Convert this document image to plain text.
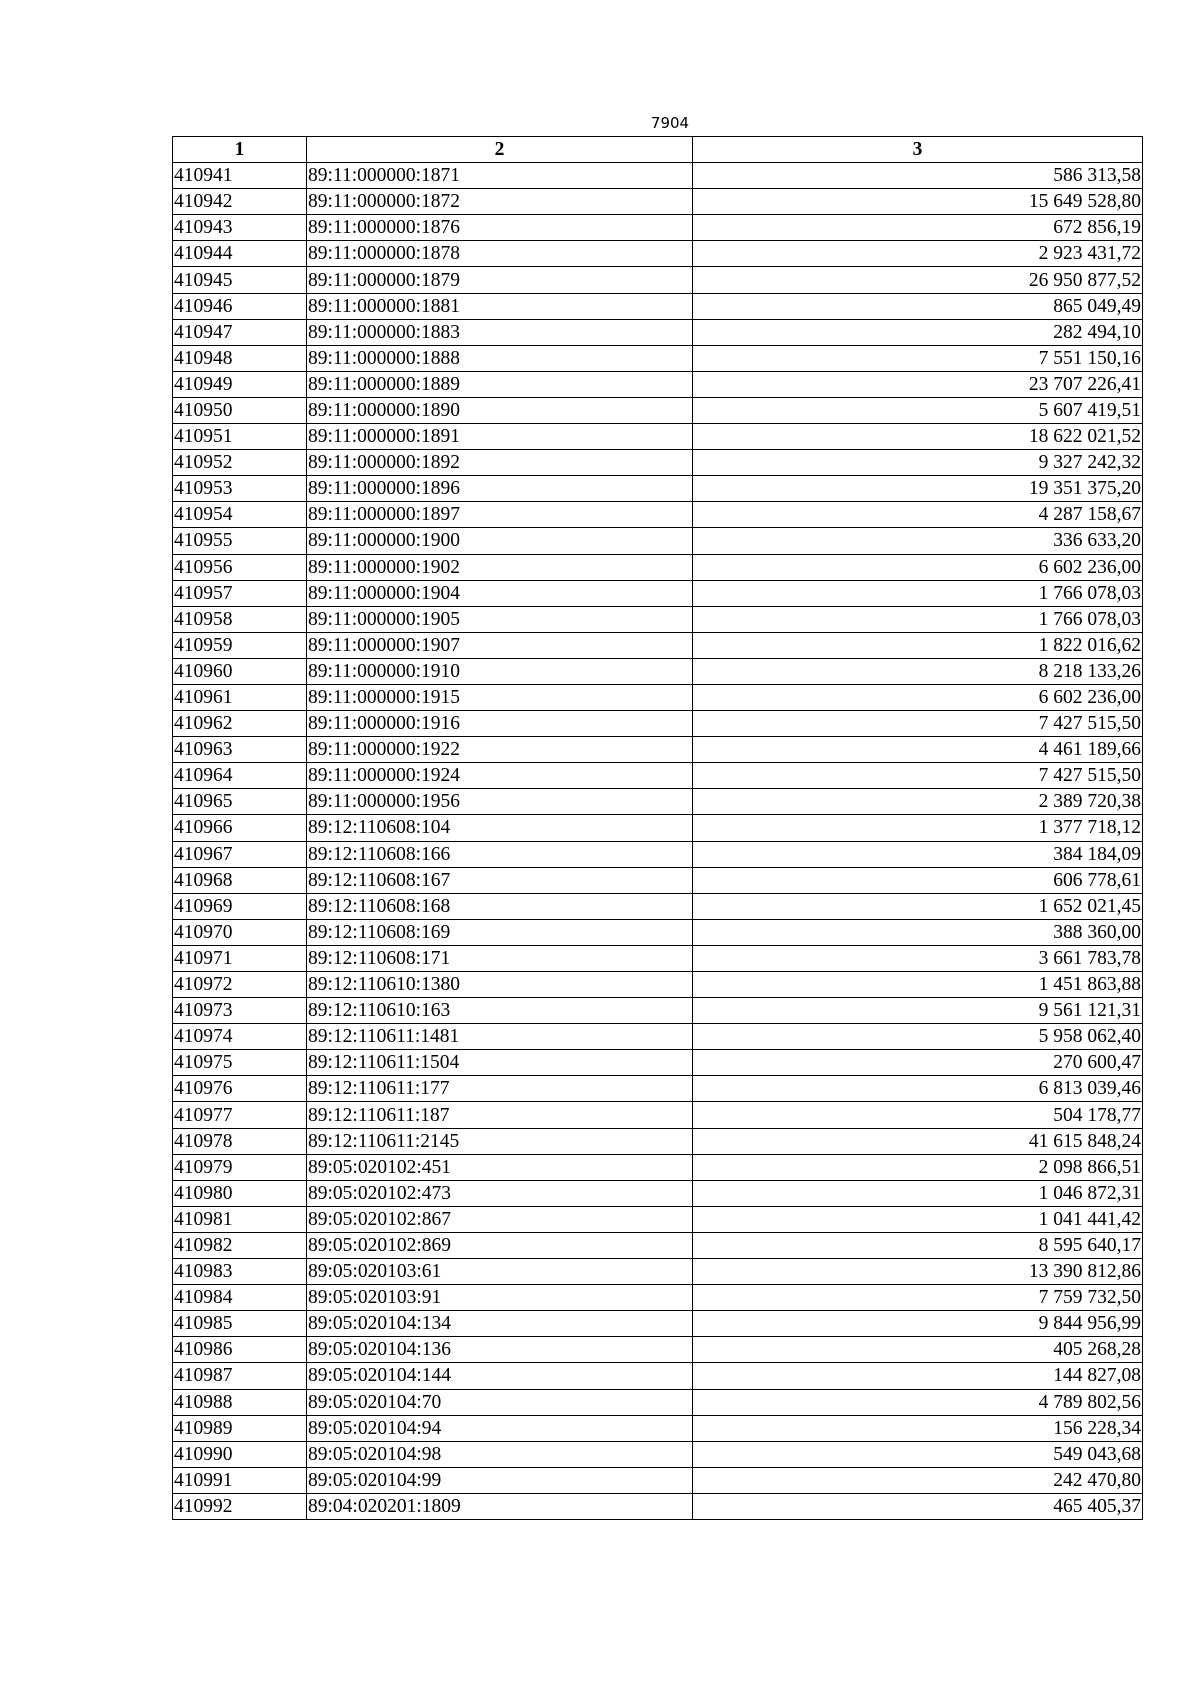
7904
1	2	3
410941	89:11:000000:1871	586 313,58
410942	89:11:000000:1872	15 649 528,80
410943	89:11:000000:1876	672 856,19
410944	89:11:000000:1878	2 923 431,72
410945	89:11:000000:1879	26 950 877,52
410946	89:11:000000:1881	865 049,49
410947	89:11:000000:1883	282 494,10
410948	89:11:000000:1888	7 551 150,16
410949	89:11:000000:1889	23 707 226,41
410950	89:11:000000:1890	5 607 419,51
410951	89:11:000000:1891	18 622 021,52
410952	89:11:000000:1892	9 327 242,32
410953	89:11:000000:1896	19 351 375,20
410954	89:11:000000:1897	4 287 158,67
410955	89:11:000000:1900	336 633,20
410956	89:11:000000:1902	6 602 236,00
410957	89:11:000000:1904	1 766 078,03
410958	89:11:000000:1905	1 766 078,03
410959	89:11:000000:1907	1 822 016,62
410960	89:11:000000:1910	8 218 133,26
410961	89:11:000000:1915	6 602 236,00
410962	89:11:000000:1916	7 427 515,50
410963	89:11:000000:1922	4 461 189,66
410964	89:11:000000:1924	7 427 515,50
410965	89:11:000000:1956	2 389 720,38
410966	89:12:110608:104	1 377 718,12
410967	89:12:110608:166	384 184,09
410968	89:12:110608:167	606 778,61
410969	89:12:110608:168	1 652 021,45
410970	89:12:110608:169	388 360,00
410971	89:12:110608:171	3 661 783,78
410972	89:12:110610:1380	1 451 863,88
410973	89:12:110610:163	9 561 121,31
410974	89:12:110611:1481	5 958 062,40
410975	89:12:110611:1504	270 600,47
410976	89:12:110611:177	6 813 039,46
410977	89:12:110611:187	504 178,77
410978	89:12:110611:2145	41 615 848,24
410979	89:05:020102:451	2 098 866,51
410980	89:05:020102:473	1 046 872,31
410981	89:05:020102:867	1 041 441,42
410982	89:05:020102:869	8 595 640,17
410983	89:05:020103:61	13 390 812,86
410984	89:05:020103:91	7 759 732,50
410985	89:05:020104:134	9 844 956,99
410986	89:05:020104:136	405 268,28
410987	89:05:020104:144	144 827,08
410988	89:05:020104:70	4 789 802,56
410989	89:05:020104:94	156 228,34
410990	89:05:020104:98	549 043,68
410991	89:05:020104:99	242 470,80
410992	89:04:020201:1809	465 405,37
